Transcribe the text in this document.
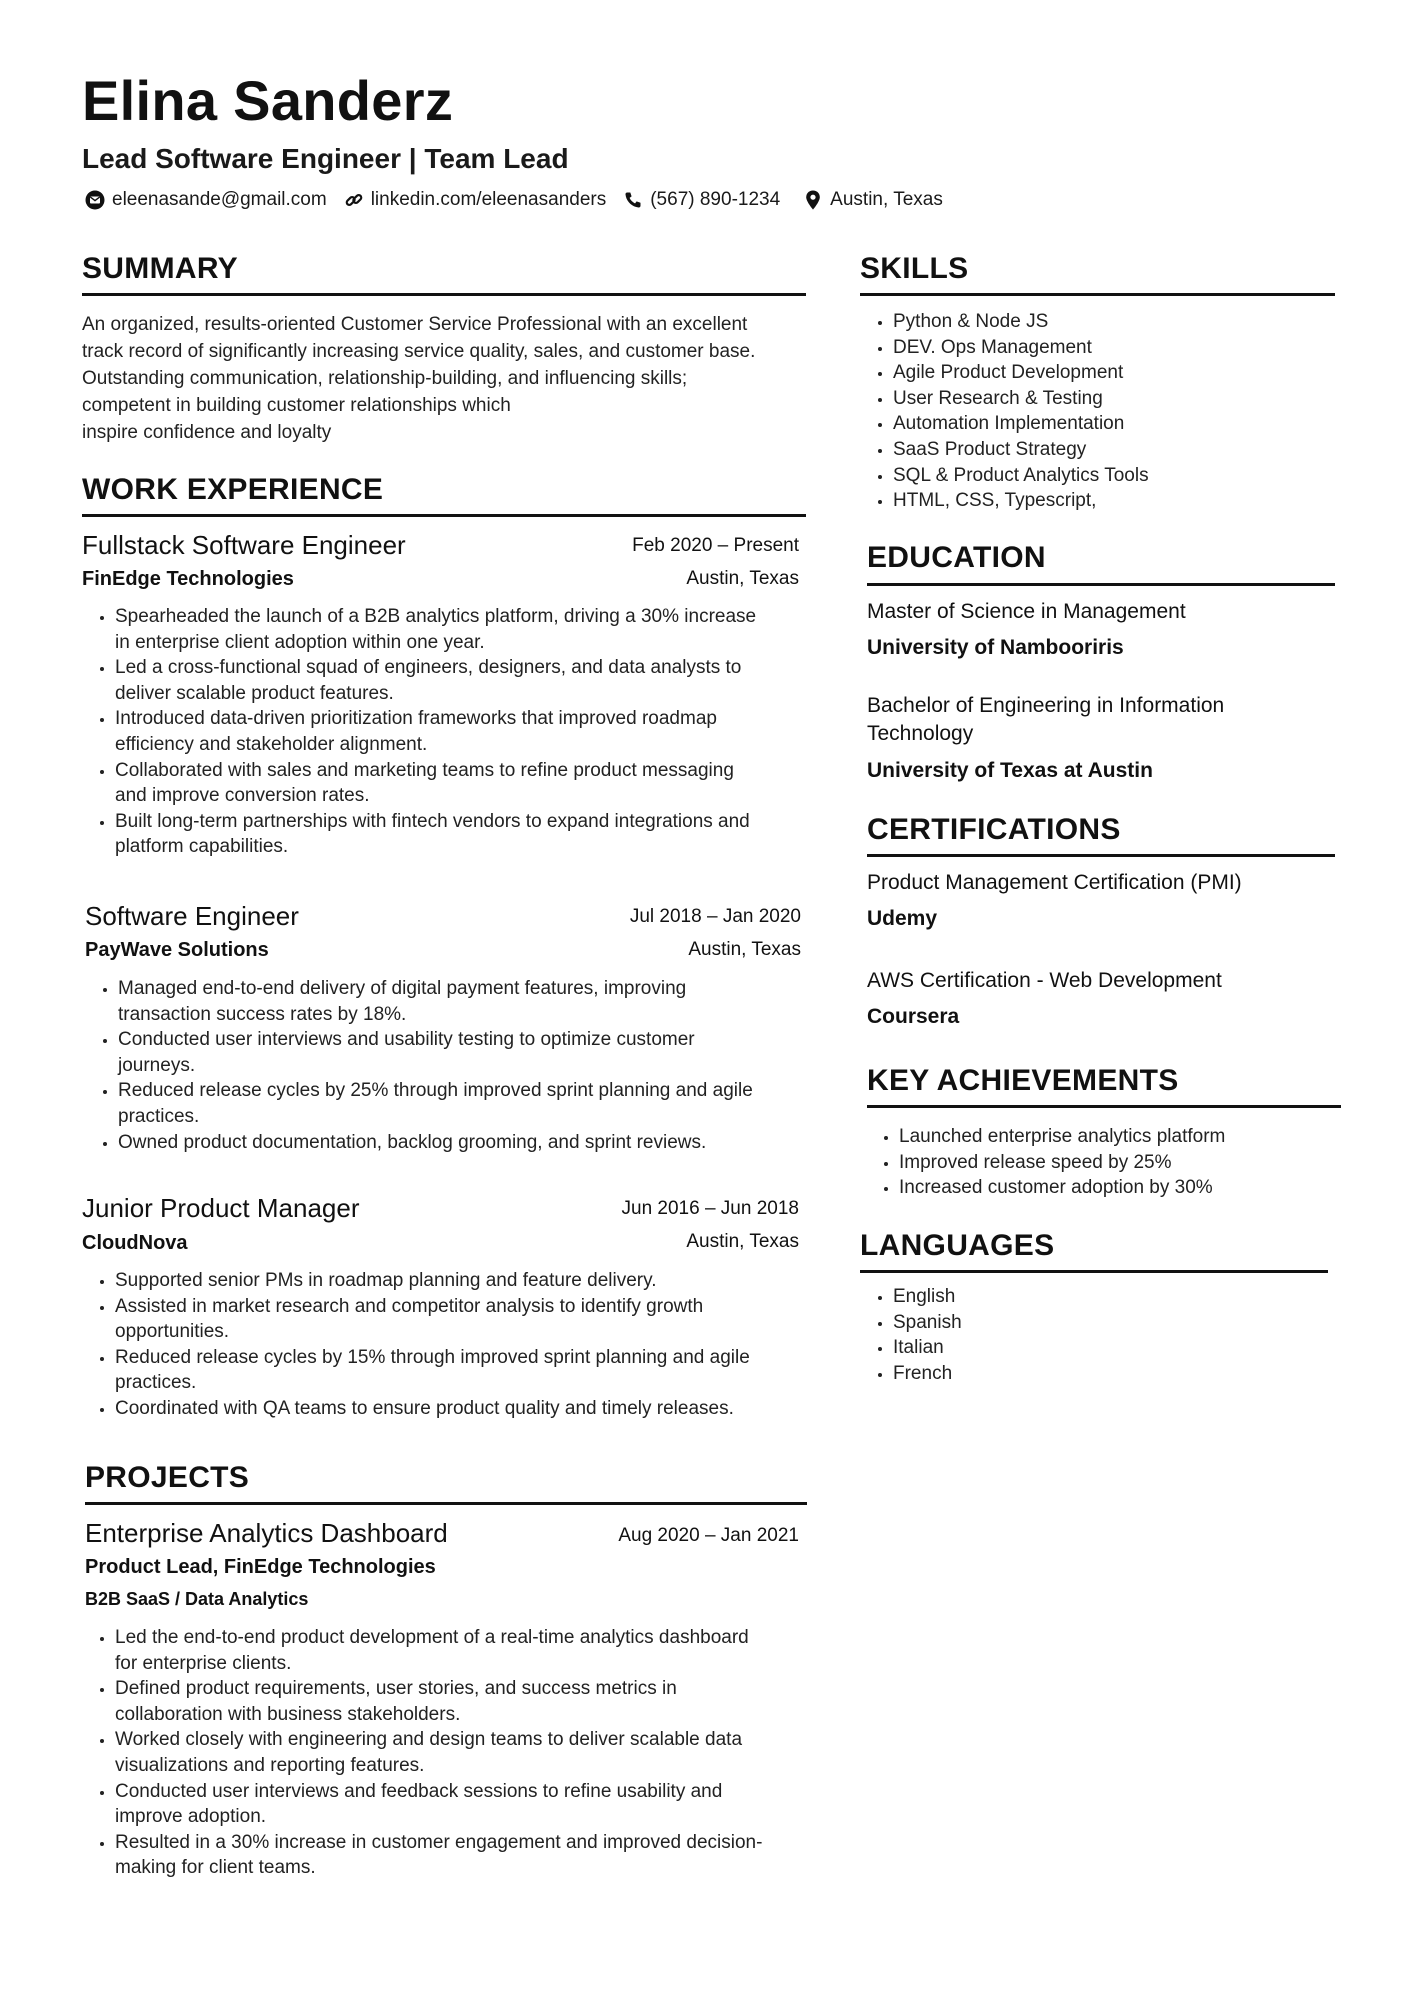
Elina Sanderz
Lead Software Engineer | Team Lead
eleenasande@gmail.com linkedin.com/eleenasanders (567) 890-1234	Austin, Texas
SUMMARY
An organized, results-oriented Customer Service Professional with an excellent
track record of significantly increasing service quality, sales, and customer base.
Outstanding communication, relationship-building, and influencing skills;
competent in building customer relationships which
inspire confidence and loyalty
WORK EXPERIENCE
Fullstack Software Engineer	Feb 2020 – Present
FinEdge Technologies	Austin, Texas
• Spearheaded the launch of a B2B analytics platform, driving a 30% increase
in enterprise client adoption within one year.
• Led a cross-functional squad of engineers, designers, and data analysts to
deliver scalable product features.
• Introduced data-driven prioritization frameworks that improved roadmap
efficiency and stakeholder alignment.
• Collaborated with sales and marketing teams to refine product messaging
and improve conversion rates.
• Built long-term partnerships with fintech vendors to expand integrations and
platform capabilities.
Software Engineer	Jul 2018 – Jan 2020
PayWave Solutions	Austin, Texas
• Managed end-to-end delivery of digital payment features, improving
transaction success rates by 18%.
• Conducted user interviews and usability testing to optimize customer
journeys.
• Reduced release cycles by 25% through improved sprint planning and agile
practices.
• Owned product documentation, backlog grooming, and sprint reviews.
Junior Product Manager	Jun 2016 – Jun 2018
CloudNova	Austin, Texas
• Supported senior PMs in roadmap planning and feature delivery.
• Assisted in market research and competitor analysis to identify growth
opportunities.
• Reduced release cycles by 15% through improved sprint planning and agile
practices.
• Coordinated with QA teams to ensure product quality and timely releases.
PROJECTS
Enterprise Analytics Dashboard	Aug 2020 – Jan 2021
Product Lead, FinEdge Technologies
B2B SaaS / Data Analytics
• Led the end-to-end product development of a real-time analytics dashboard
for enterprise clients.
• Defined product requirements, user stories, and success metrics in
collaboration with business stakeholders.
• Worked closely with engineering and design teams to deliver scalable data
visualizations and reporting features.
• Conducted user interviews and feedback sessions to refine usability and
improve adoption.
• Resulted in a 30% increase in customer engagement and improved decision-
making for client teams.
SKILLS
• Python & Node JS
• DEV. Ops Management
• Agile Product Development
• User Research & Testing
• Automation Implementation
• SaaS Product Strategy
• SQL & Product Analytics Tools
• HTML, CSS, Typescript,
EDUCATION
Master of Science in Management
University of Nambooriris
Bachelor of Engineering in Information
Technology
University of Texas at Austin
CERTIFICATIONS
Product Management Certification (PMI)
Udemy
AWS Certification - Web Development
Coursera
KEY ACHIEVEMENTS
• Launched enterprise analytics platform
• Improved release speed by 25%
• Increased customer adoption by 30%
LANGUAGES
• English
• Spanish
• Italian
• French
